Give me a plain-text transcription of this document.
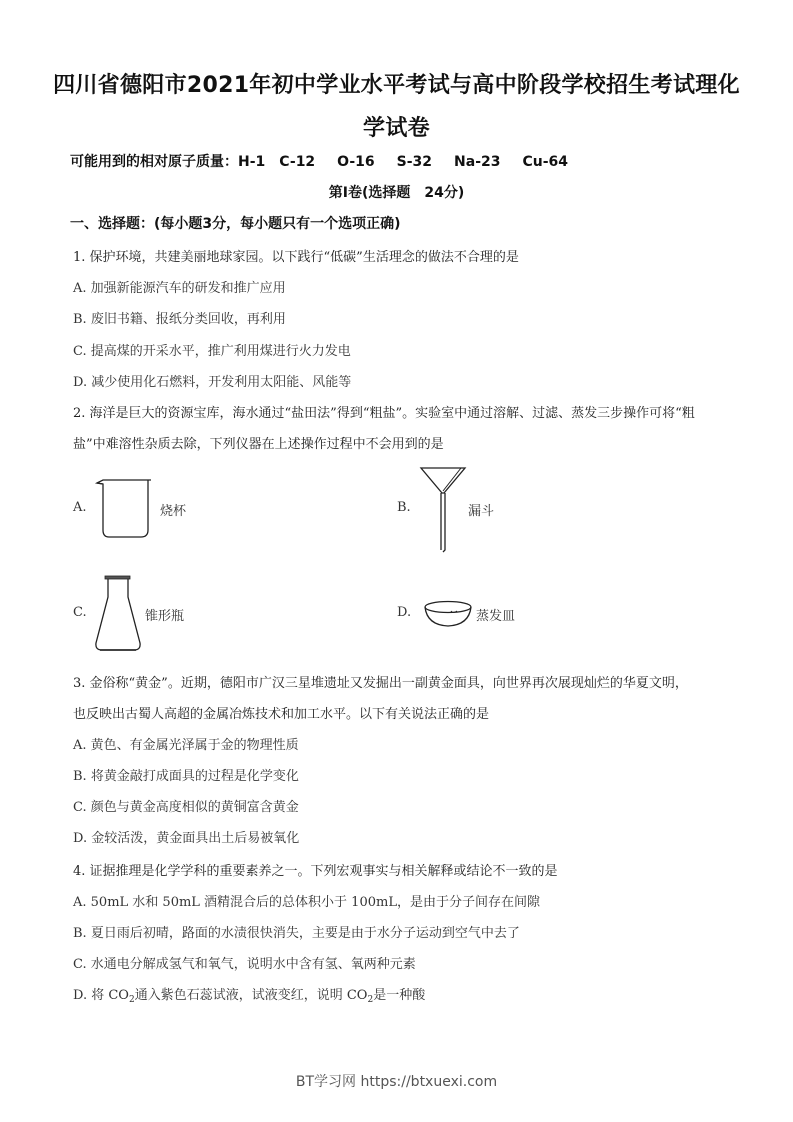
四川省德阳市2021年初中学业水平考试与高中阶段学校招生考试理化
学试卷
可能用到的相对原子质量：H-1 C-12 O-16 S-32 Na-23 Cu-64
第I卷(选择题　24分)
一、选择题：(每小题3分，每小题只有一个选项正确)
1. 保护环境，共建美丽地球家园。以下践行“低碳”生活理念的做法不合理的是
A. 加强新能源汽车的研发和推广应用
B. 废旧书籍、报纸分类回收，再利用
C. 提高煤的开采水平，推广利用煤进行火力发电
D. 减少使用化石燃料，开发利用太阳能、风能等
2. 海洋是巨大的资源宝库，海水通过“盐田法”得到“粗盐”。实验室中通过溶解、过滤、蒸发三步操作可将“粗
盐”中难溶性杂质去除，下列仪器在上述操作过程中不会用到的是
A.	烧杯	B.	漏斗
C.	锥形瓶	D.	蒸发皿
3. 金俗称“黄金”。近期，德阳市广汉三星堆遗址又发掘出一副黄金面具，向世界再次展现灿烂的华夏文明，
也反映出古蜀人高超的金属冶炼技术和加工水平。以下有关说法正确的是
A. 黄色、有金属光泽属于金的物理性质
B. 将黄金敲打成面具的过程是化学变化
C. 颜色与黄金高度相似的黄铜富含黄金
D. 金较活泼，黄金面具出土后易被氧化
4. 证据推理是化学学科的重要素养之一。下列宏观事实与相关解释或结论不一致的是
A. 50mL 水和 50mL 酒精混合后的总体积小于 100mL，是由于分子间存在间隙
B. 夏日雨后初晴，路面的水渍很快消失，主要是由于水分子运动到空气中去了
C. 水通电分解成氢气和氧气，说明水中含有氢、氧两种元素
D. 将 $CO_2$通入紫色石蕊试液，试液变红，说明 $CO_2$是一种酸
BT学习网 https://btxuexi.com
